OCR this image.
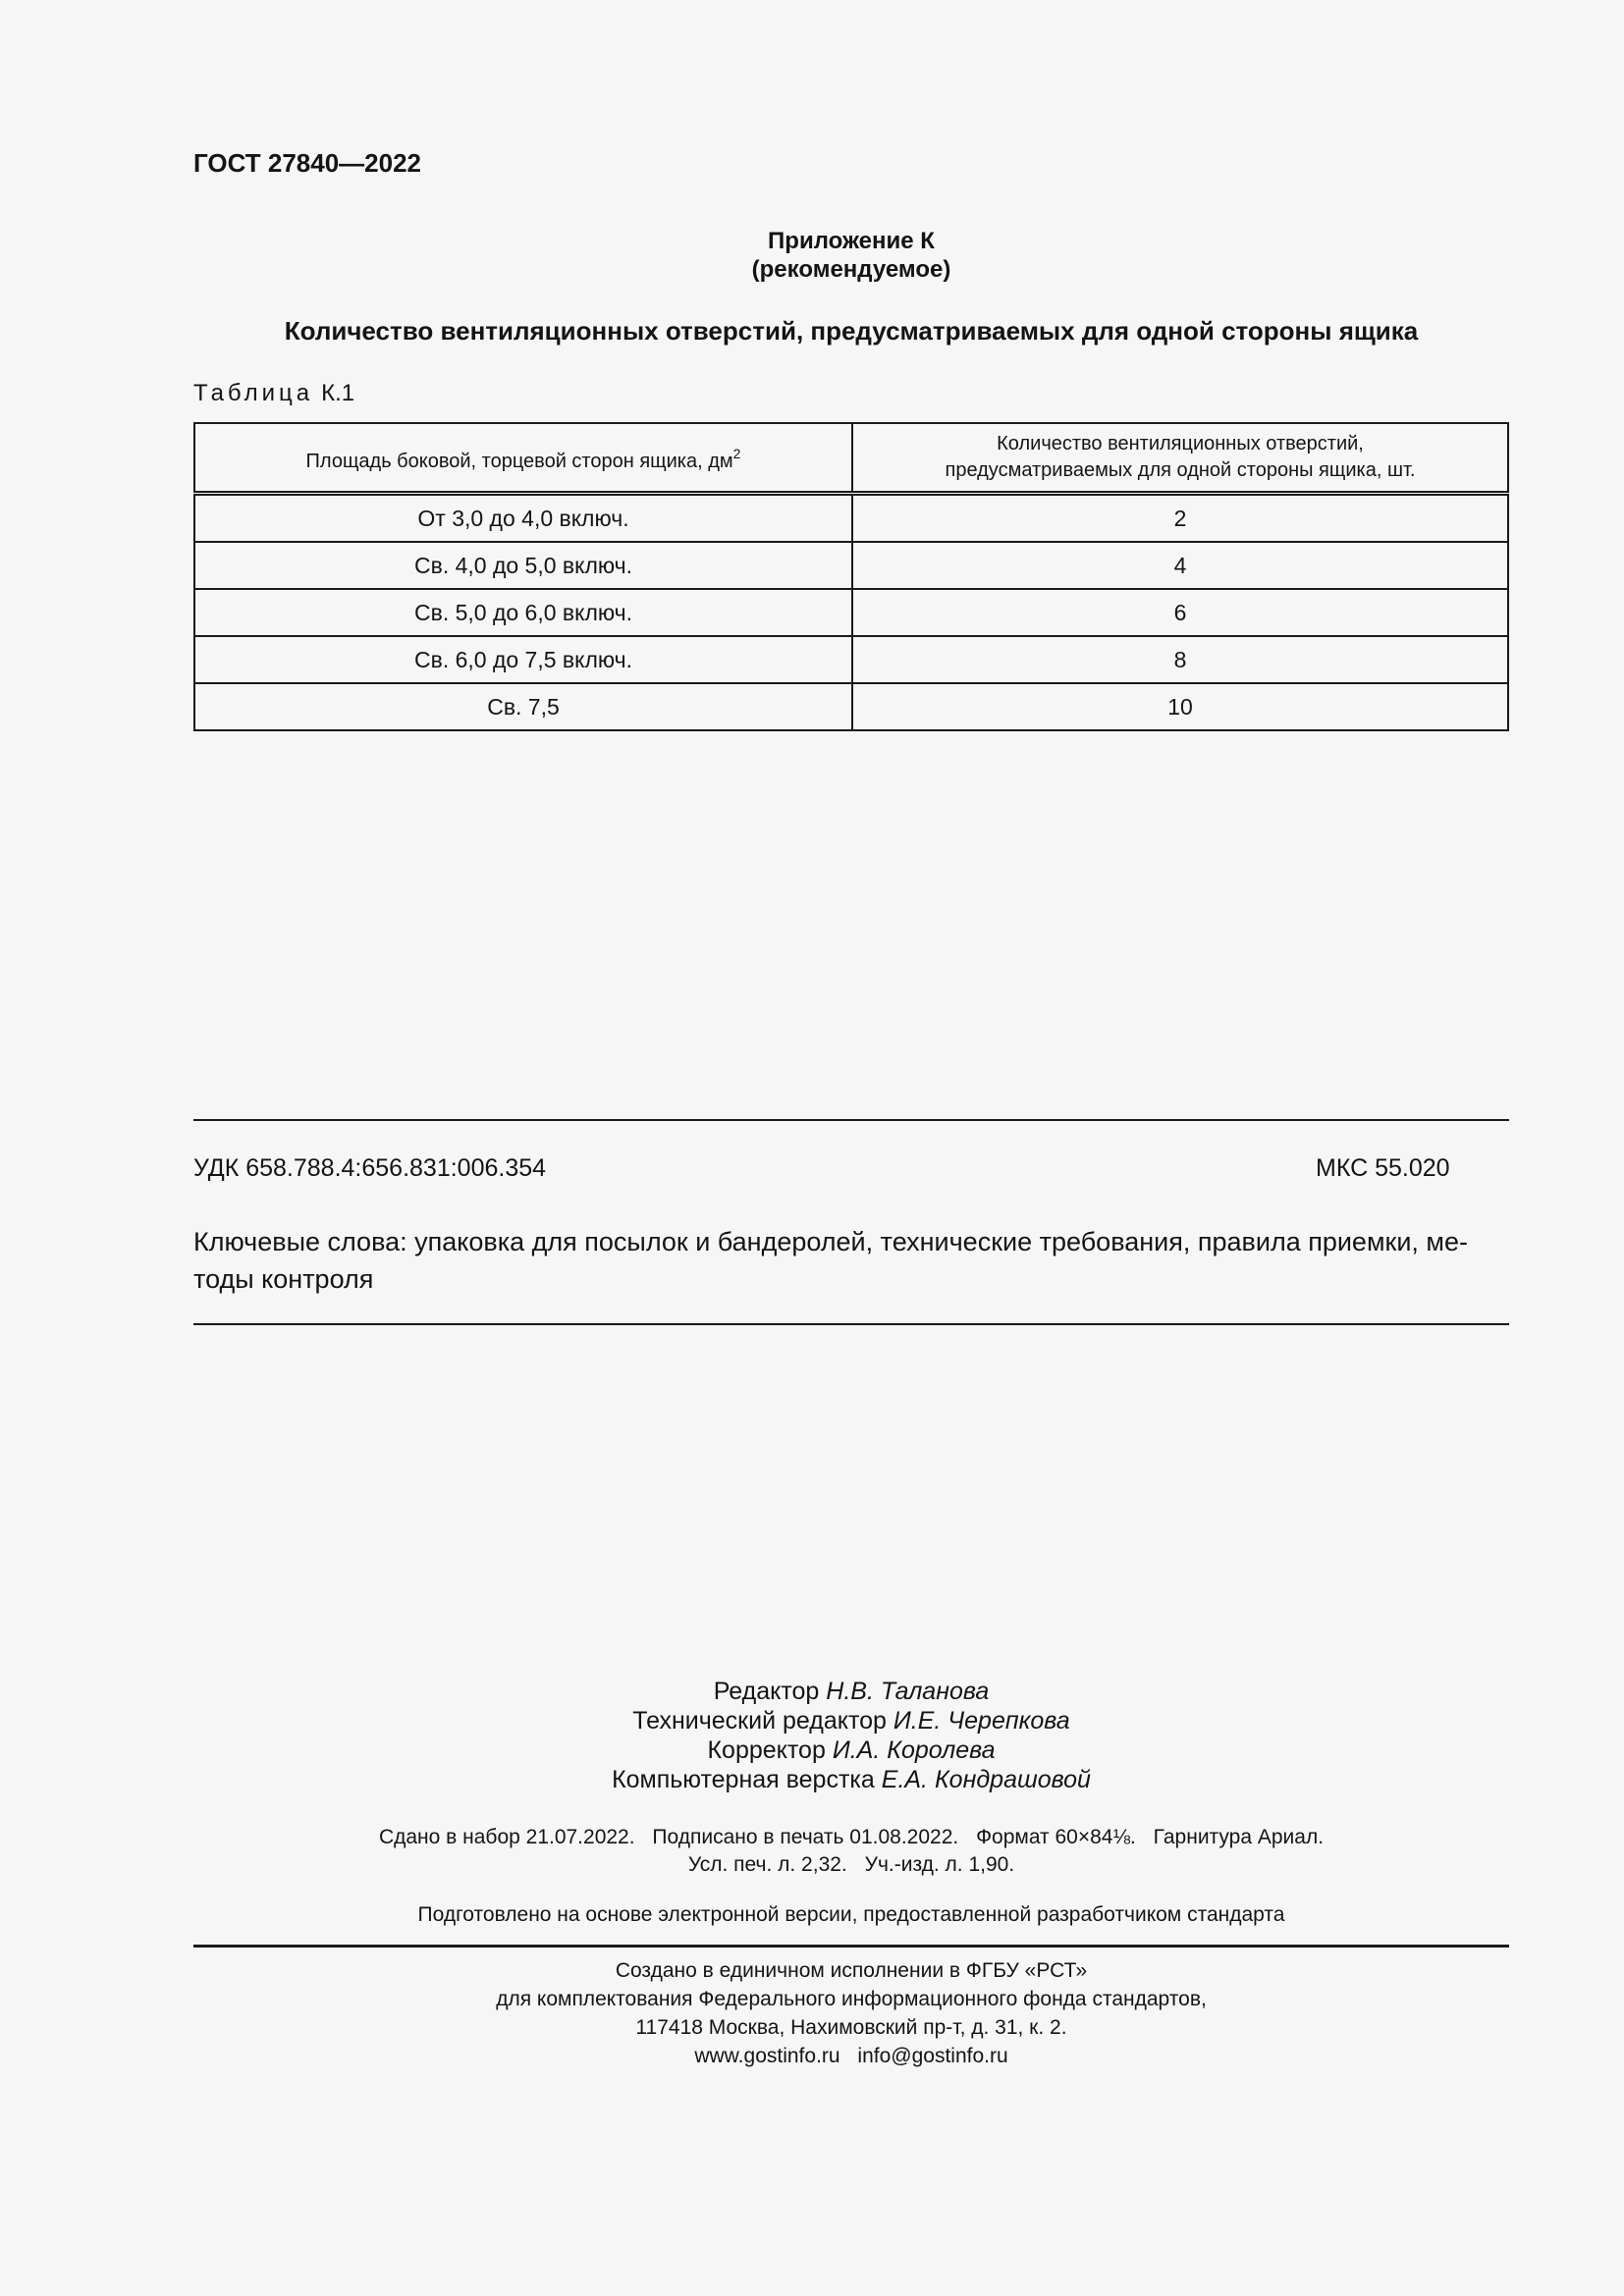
ГОСТ 27840—2022
Приложение К
(рекомендуемое)
Количество вентиляционных отверстий, предусматриваемых для одной стороны ящика
Таблица К.1
Площадь боковой, торцевой сторон ящика, $дм^2$	Количество вентиляционных отверстий,
предусматриваемых для одной стороны ящика, шт.
От 3,0 до 4,0 включ.	2
Св. 4,0 до 5,0 включ.	4
Св. 5,0 до 6,0 включ.	6
Св. 6,0 до 7,5 включ.	8
Св. 7,5	10
УДК 658.788.4:656.831:006.354	МКС 55.020
Ключевые слова: упаковка для посылок и бандеролей, технические требования, правила приемки, ме-
тоды контроля
Редактор Н.В. Таланова
Технический редактор И.Е. Черепкова
Корректор И.А. Королева
Компьютерная верстка Е.А. Кондрашовой
Сдано в набор 21.07.2022. Подписано в печать 01.08.2022. Формат 60×84⅛. Гарнитура Ариал.
Усл. печ. л. 2,32. Уч.-изд. л. 1,90.
Подготовлено на основе электронной версии, предоставленной разработчиком стандарта
Создано в единичном исполнении в ФГБУ «РСТ»
для комплектования Федерального информационного фонда стандартов,
117418 Москва, Нахимовский пр-т, д. 31, к. 2.
www.gostinfo.ru info@gostinfo.ru
